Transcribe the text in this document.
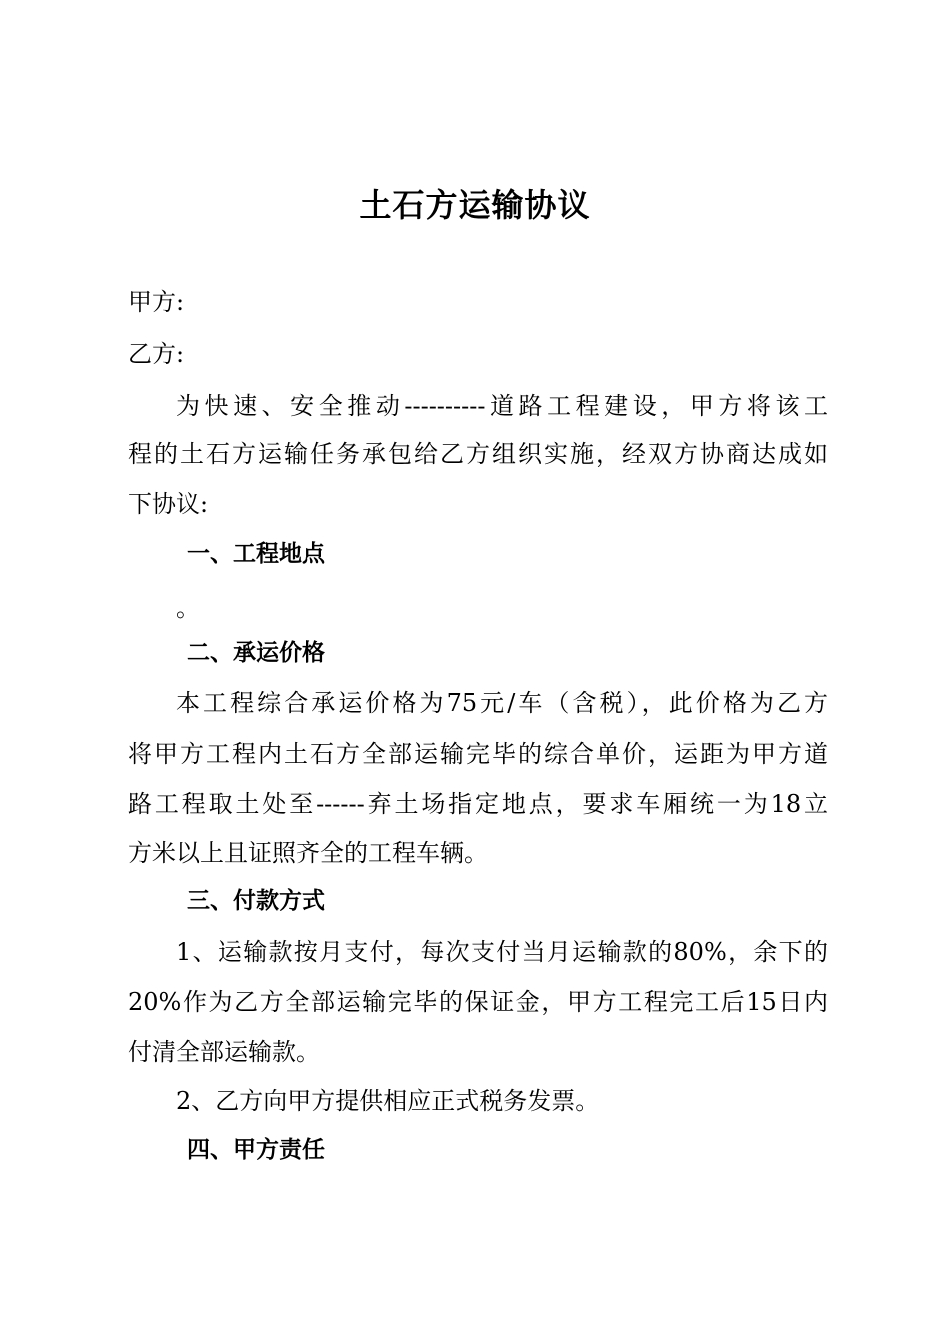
土石方运输协议
甲方:
乙方:
为快速、安全推动----------道路工程建设，甲方将该工
程的土石方运输任务承包给乙方组织实施，经双方协商达成如
下协议:
一、工程地点
。
二、承运价格
本工程综合承运价格为75元/车（含税），此价格为乙方
将甲方工程内土石方全部运输完毕的综合单价，运距为甲方道
路工程取土处至------弃土场指定地点，要求车厢统一为18立
方米以上且证照齐全的工程车辆。
三、付款方式
1、运输款按月支付，每次支付当月运输款的80%，余下的
20%作为乙方全部运输完毕的保证金，甲方工程完工后15日内
付清全部运输款。
2、乙方向甲方提供相应正式税务发票。
四、甲方责任
